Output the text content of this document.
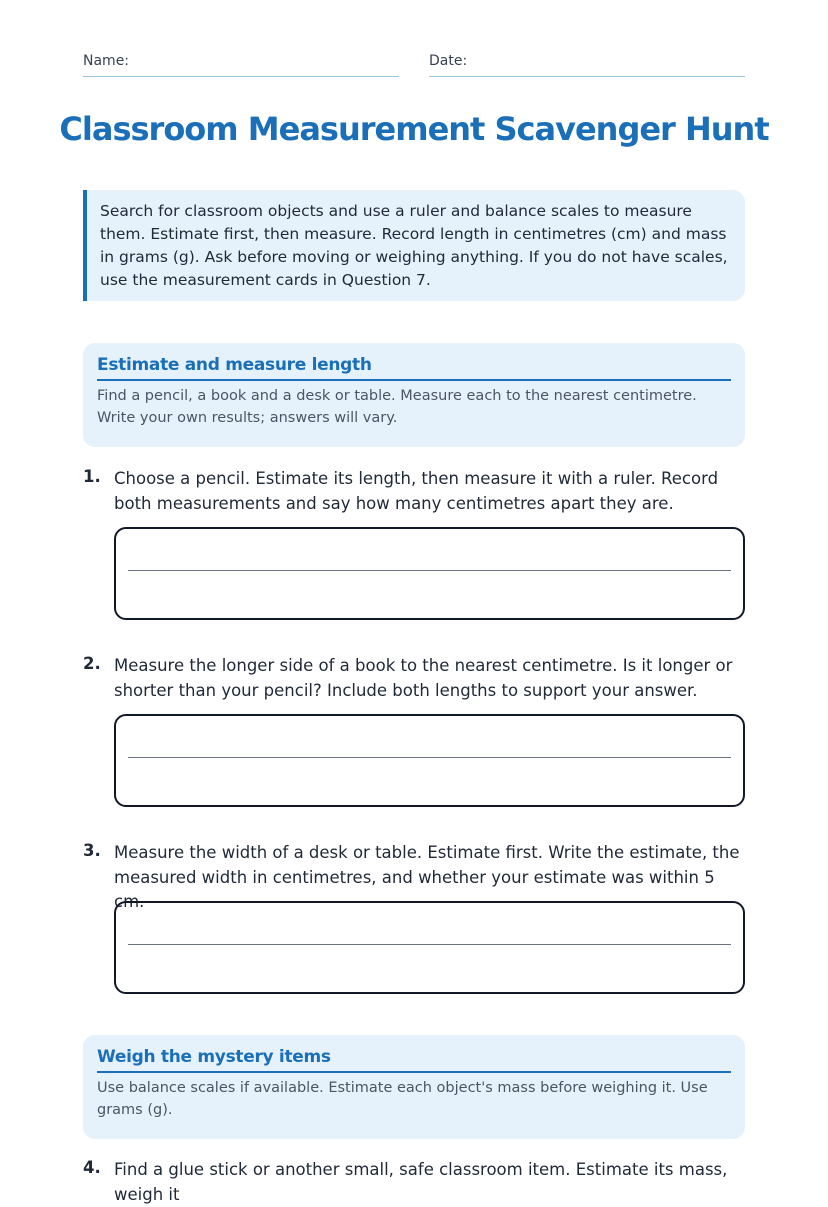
Name:	Date:
Classroom Measurement Scavenger Hunt
Search for classroom objects and use a ruler and balance scales to measure them. Estimate first, then measure. Record length in centimetres (cm) and mass in grams (g). Ask before moving or weighing anything. If you do not have scales, use the measurement cards in Question 7.
Estimate and measure length

Find a pencil, a book and a desk or table. Measure each to the nearest centimetre. Write your own results; answers will vary.

1. Choose a pencil. Estimate its length, then measure it with a ruler. Record both measurements and say how many centimetres apart they are.
2. Measure the longer side of a book to the nearest centimetre. Is it longer or shorter than your pencil? Include both lengths to support your answer.
3. Measure the width of a desk or table. Estimate first. Write the estimate, the measured width in centimetres, and whether your estimate was within 5 cm.
Weigh the mystery items

Use balance scales if available. Estimate each object's mass before weighing it. Use grams (g).

4. Find a glue stick or another small, safe classroom item. Estimate its mass, weigh it
